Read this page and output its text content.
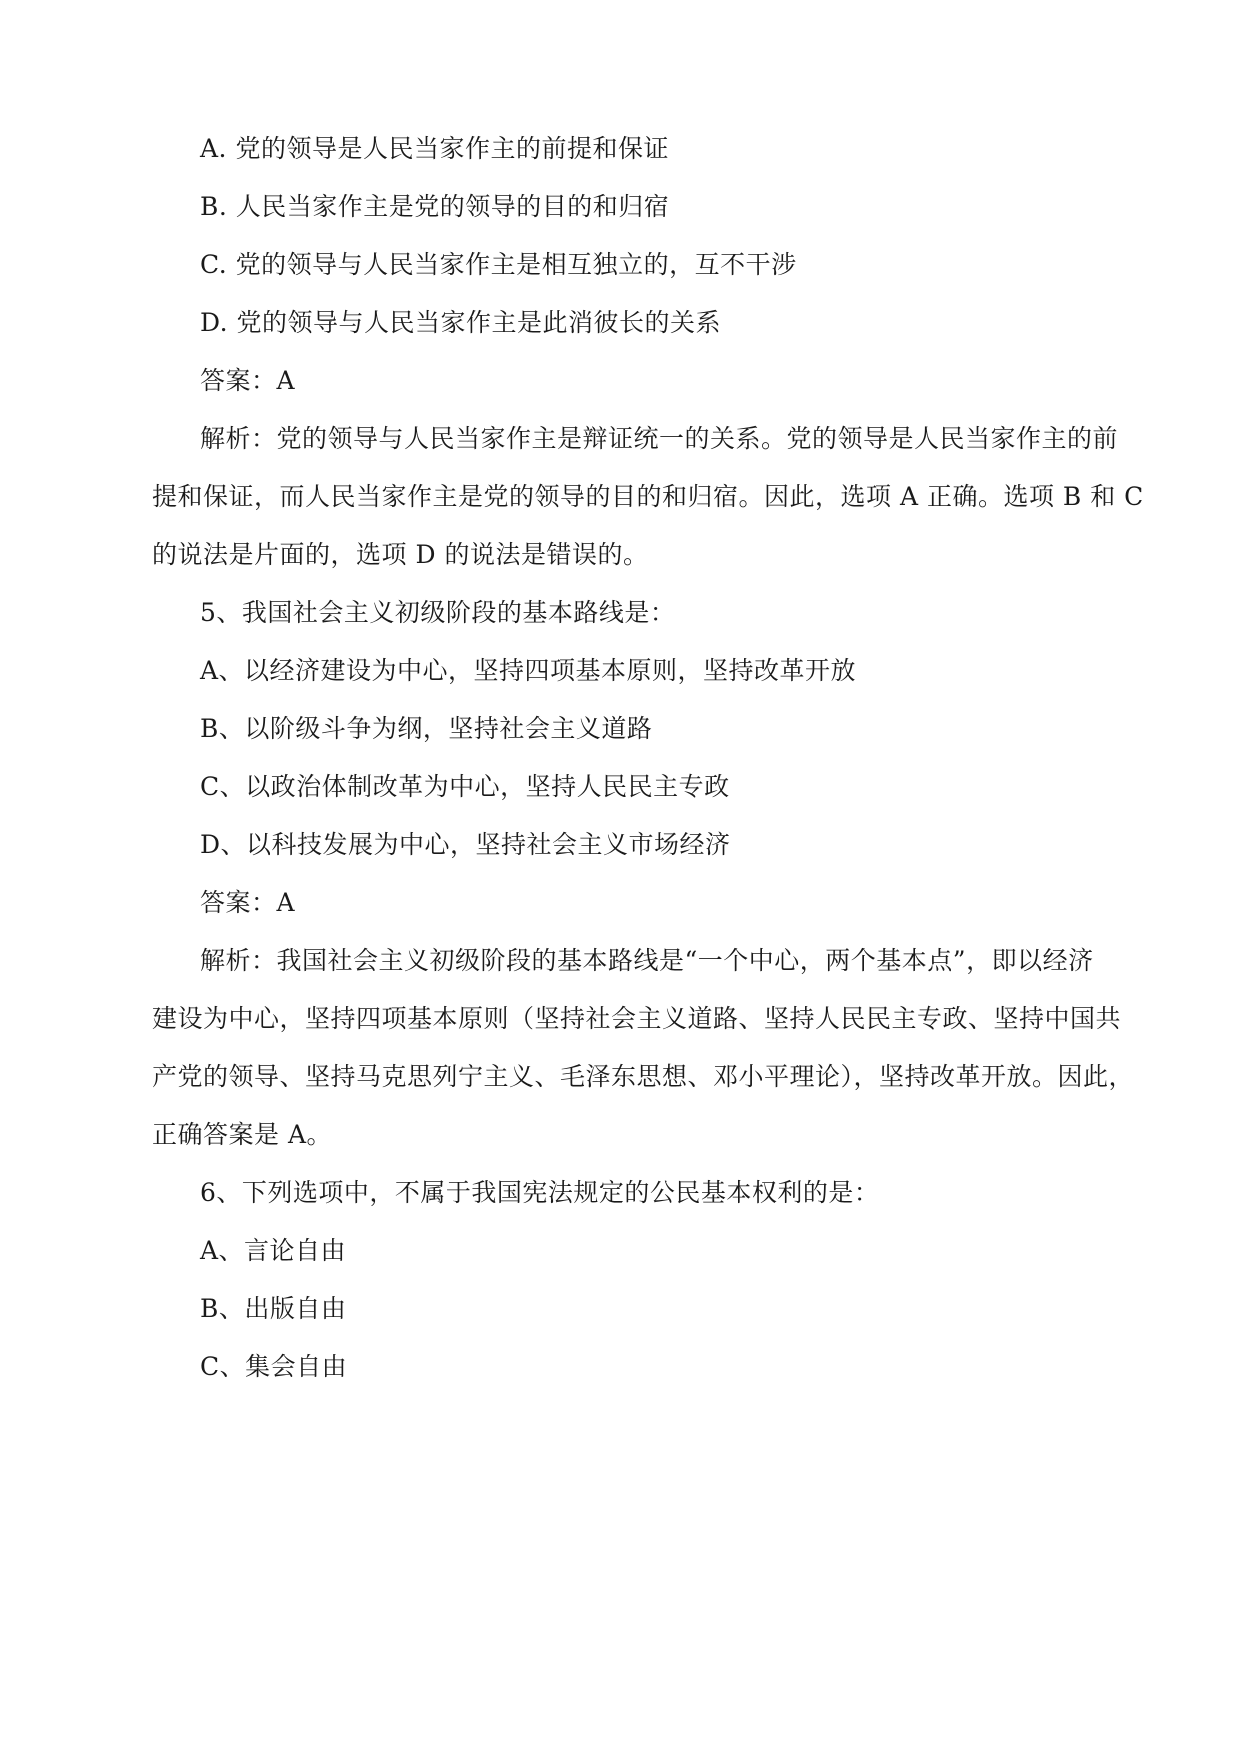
A. 党的领导是人民当家作主的前提和保证
B. 人民当家作主是党的领导的目的和归宿
C. 党的领导与人民当家作主是相互独立的，互不干涉
D. 党的领导与人民当家作主是此消彼长的关系
答案：A
解析：党的领导与人民当家作主是辩证统一的关系。党的领导是人民当家作主的前
提和保证，而人民当家作主是党的领导的目的和归宿。因此，选项 A 正确。选项 B 和 C
的说法是片面的，选项 D 的说法是错误的。
5、我国社会主义初级阶段的基本路线是：
A、以经济建设为中心，坚持四项基本原则，坚持改革开放
B、以阶级斗争为纲，坚持社会主义道路
C、以政治体制改革为中心，坚持人民民主专政
D、以科技发展为中心，坚持社会主义市场经济
答案：A
解析：我国社会主义初级阶段的基本路线是“一个中心，两个基本点”，即以经济
建设为中心，坚持四项基本原则（坚持社会主义道路、坚持人民民主专政、坚持中国共
产党的领导、坚持马克思列宁主义、毛泽东思想、邓小平理论），坚持改革开放。因此，
正确答案是 A。
6、下列选项中，不属于我国宪法规定的公民基本权利的是：
A、言论自由
B、出版自由
C、集会自由
